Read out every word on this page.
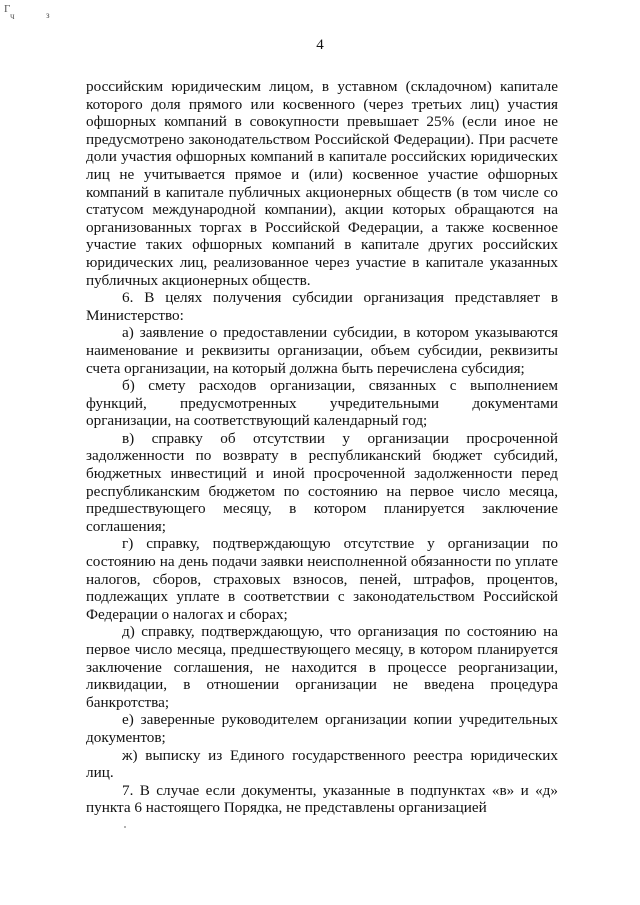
Г
ч	з
4

российским юридическим лицом, в уставном (складочном) капитале которого доля прямого или косвенного (через третьих лиц) участия офшорных компаний в совокупности превышает 25% (если иное не предусмотрено законодательством Российской Федерации). При расчете доли участия офшорных компаний в капитале российских юридических лиц не учитывается прямое и (или) косвенное участие офшорных компаний в капитале публичных акционерных обществ (в том числе со статусом международной компании), акции которых обращаются на организованных торгах в Российской Федерации, а также косвенное участие таких офшорных компаний в капитале других российских юридических лиц, реализованное через участие в капитале указанных публичных акционерных обществ.

6. В целях получения субсидии организация представляет в Министерство:

а) заявление о предоставлении субсидии, в котором указываются наименование и реквизиты организации, объем субсидии, реквизиты счета организации, на который должна быть перечислена субсидия;

б) смету расходов организации, связанных с выполнением функций, предусмотренных учредительными документами организации, на соответствующий календарный год;

в) справку об отсутствии у организации просроченной задолженности по возврату в республиканский бюджет субсидий, бюджетных инвестиций и иной просроченной задолженности перед республиканским бюджетом по состоянию на первое число месяца, предшествующего месяцу, в котором планируется заключение соглашения;

г) справку, подтверждающую отсутствие у организации по состоянию на день подачи заявки неисполненной обязанности по уплате налогов, сборов, страховых взносов, пеней, штрафов, процентов, подлежащих уплате в соответствии с законодательством Российской Федерации о налогах и сборах;

д) справку, подтверждающую, что организация по состоянию на первое число месяца, предшествующего месяцу, в котором планируется заключение соглашения, не находится в процессе реорганизации, ликвидации, в отношении организации не введена процедура банкротства;

е) заверенные руководителем организации копии учредительных документов;

ж) выписку из Единого государственного реестра юридических лиц.

7. В случае если документы, указанные в подпунктах «в» и «д» пункта 6 настоящего Порядка, не представлены организацией
